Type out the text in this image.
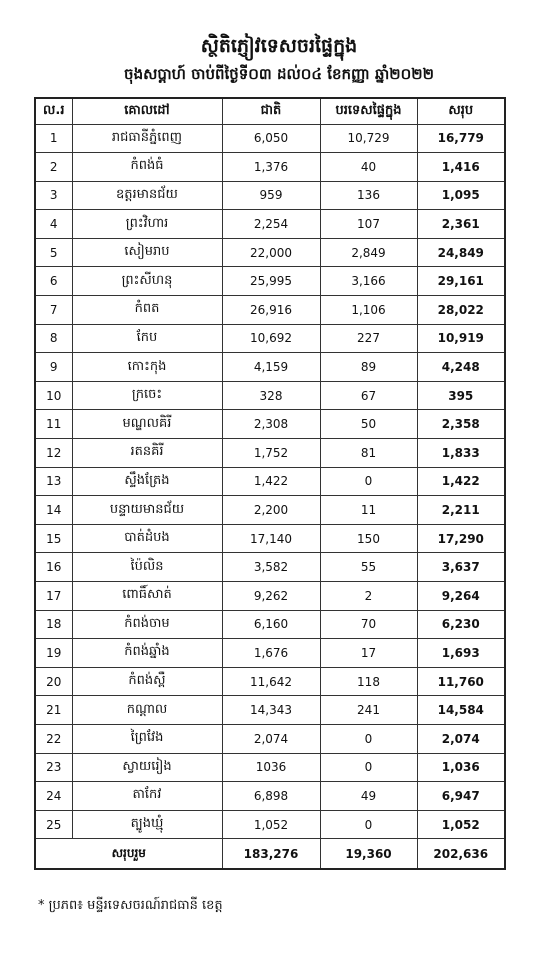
ស្ថិតិភ្ញៀវទេសចរផ្ទៃក្នុង
ចុងសប្តាហ៍ ចាប់ពីថ្ងៃទី០៣ ដល់០៤ ខែកញ្ញា ឆ្នាំ២០២២
ល.រ	គោលដៅ	ជាតិ	បរទេសផ្ទៃក្នុង	សរុប
1	រាជធានីភ្នំពេញ	6,050	10,729	16,779
2	កំពង់ធំ	1,376	40	1,416
3	ឧត្តរមានជ័យ	959	136	1,095
4	ព្រះវិហារ	2,254	107	2,361
5	សៀមរាប	22,000	2,849	24,849
6	ព្រះសីហនុ	25,995	3,166	29,161
7	កំពត	26,916	1,106	28,022
8	កែប	10,692	227	10,919
9	កោះកុង	4,159	89	4,248
10	ក្រចេះ	328	67	395
11	មណ្ឌលគិរី	2,308	50	2,358
12	រតនគិរី	1,752	81	1,833
13	ស្ទឹងត្រែង	1,422	0	1,422
14	បន្ទាយមានជ័យ	2,200	11	2,211
15	បាត់ដំបង	17,140	150	17,290
16	ប៉ៃលិន	3,582	55	3,637
17	ពោធិ៍សាត់	9,262	2	9,264
18	កំពង់ចាម	6,160	70	6,230
19	កំពង់ឆ្នាំង	1,676	17	1,693
20	កំពង់ស្ពឺ	11,642	118	11,760
21	កណ្តាល	14,343	241	14,584
22	ព្រៃវែង	2,074	0	2,074
23	ស្វាយរៀង	1036	0	1,036
24	តាកែវ	6,898	49	6,947
25	ត្បូងឃ្មុំ	1,052	0	1,052
សរុបរួម		183,276	19,360	202,636
* ប្រភព៖ មន្ទីរទេសចរណ៍រាជធានី ខេត្ត
